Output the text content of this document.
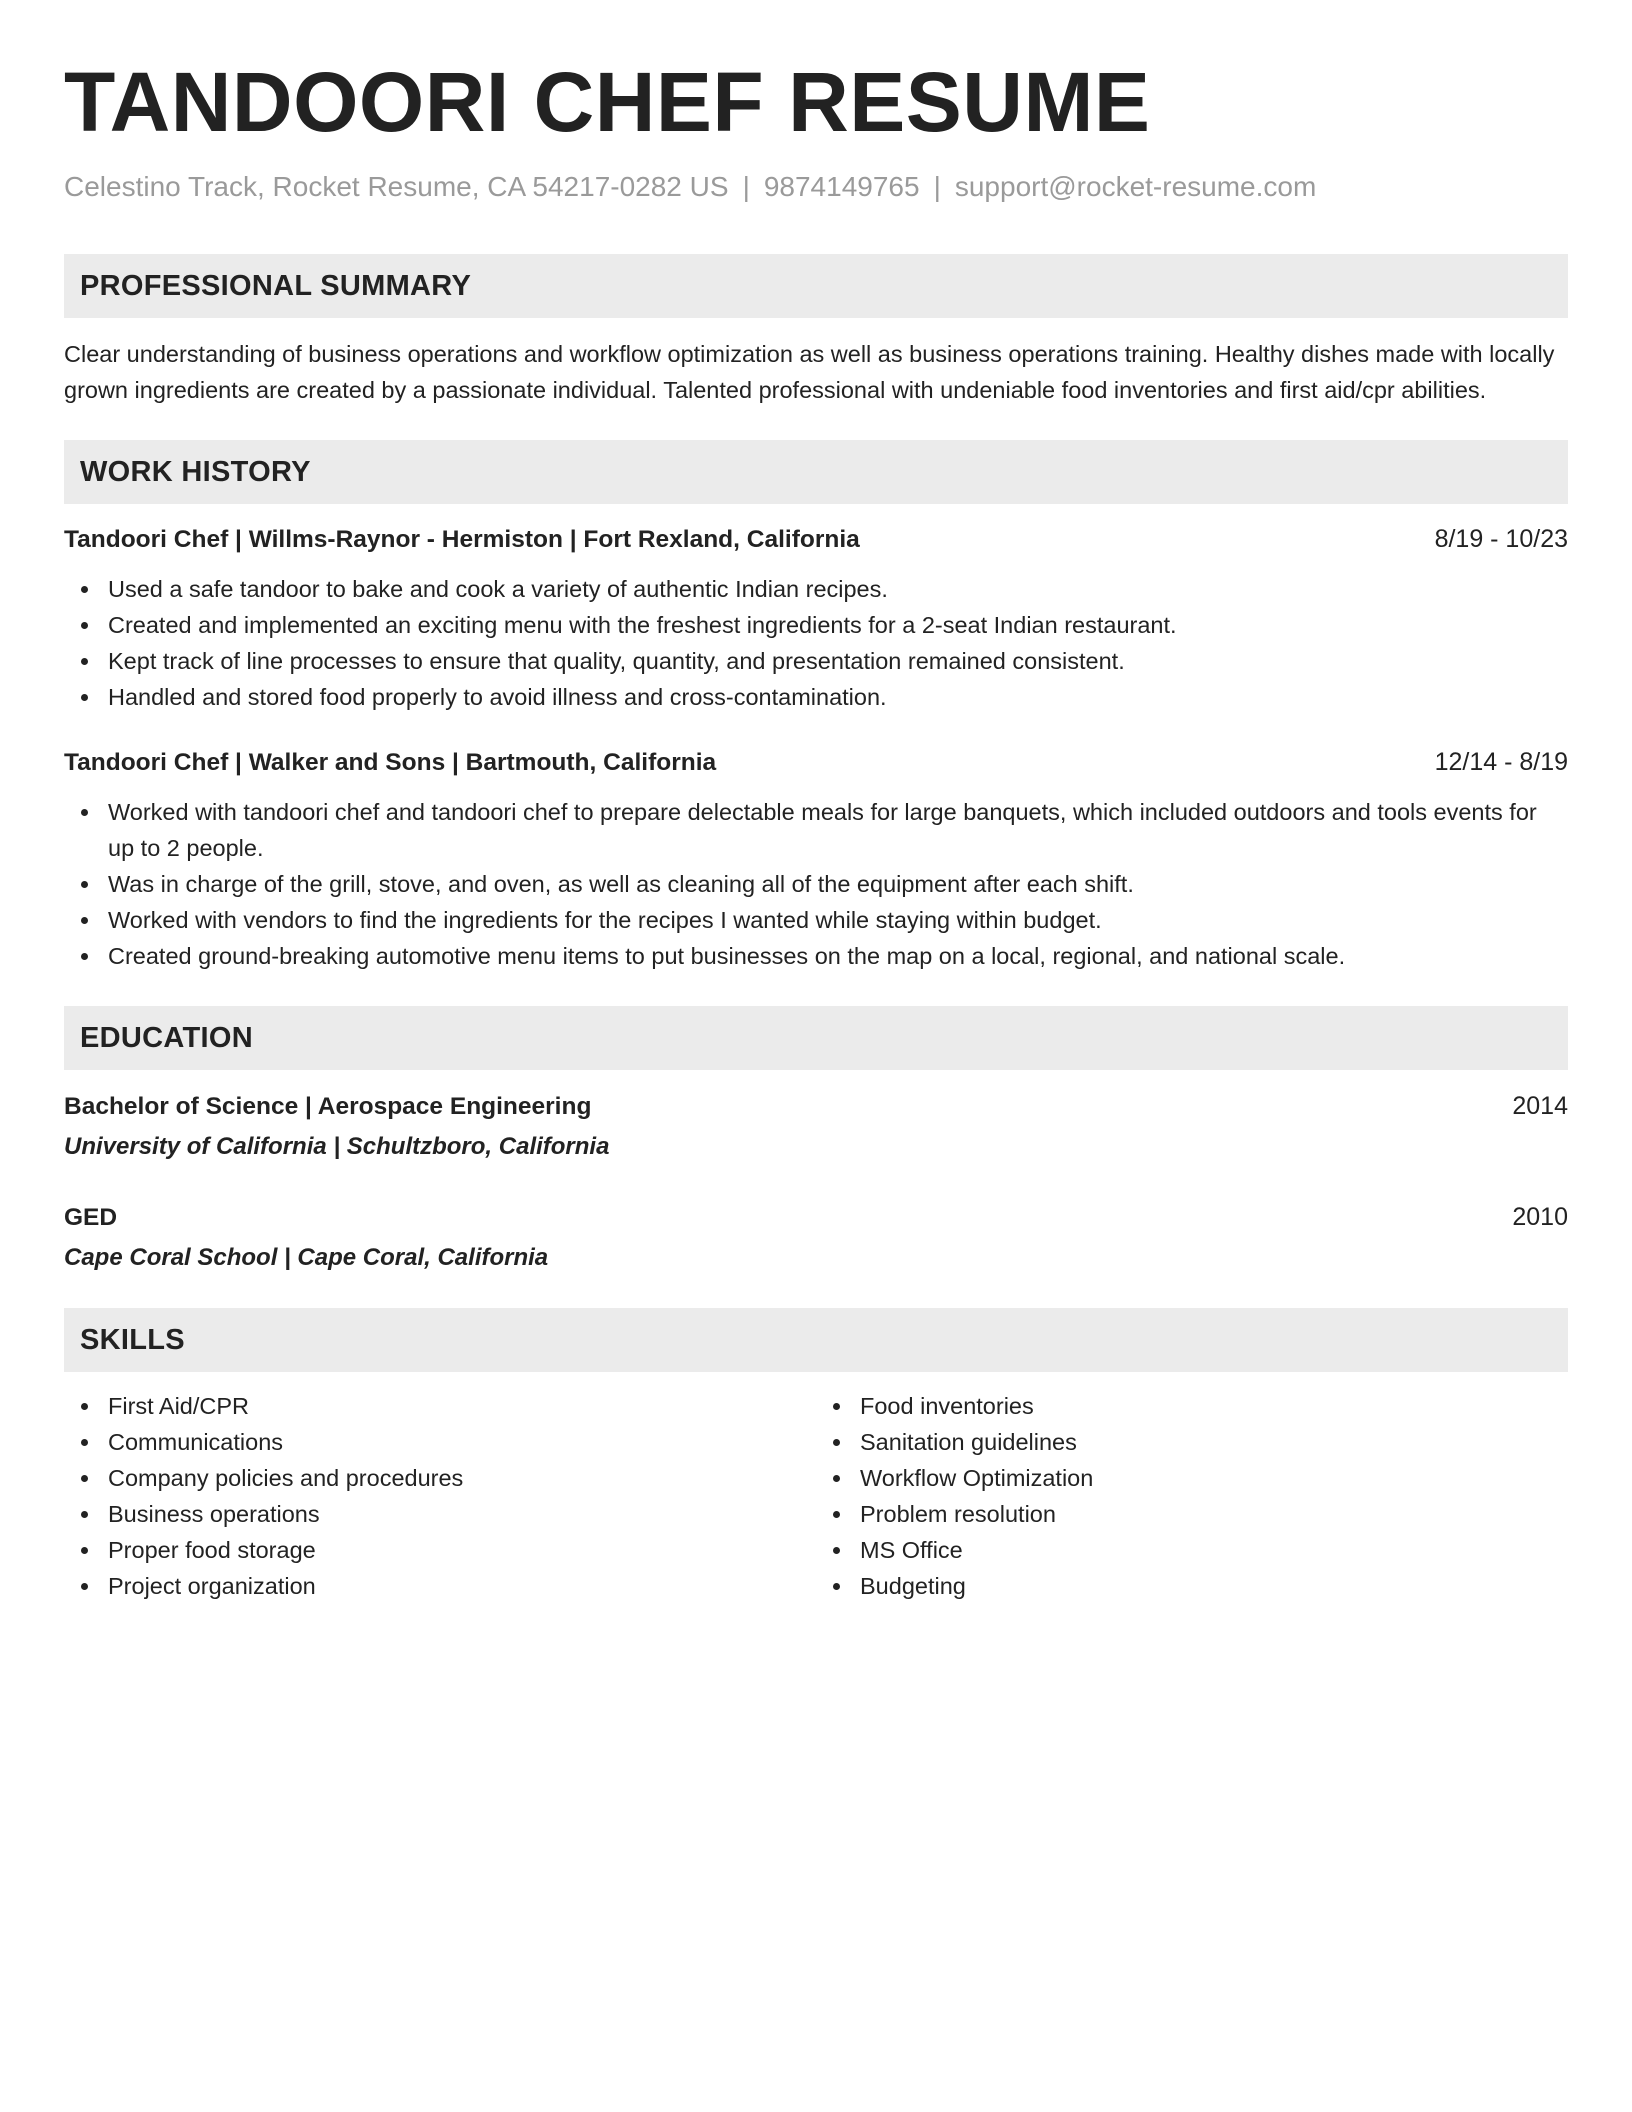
TANDOORI CHEF RESUME
Celestino Track, Rocket Resume, CA 54217-0282 US | 9874149765 | support@rocket-resume.com
PROFESSIONAL SUMMARY
Clear understanding of business operations and workflow optimization as well as business operations training. Healthy dishes made with locally grown ingredients are created by a passionate individual. Talented professional with undeniable food inventories and first aid/cpr abilities.
WORK HISTORY
Tandoori Chef | Willms-Raynor - Hermiston | Fort Rexland, California	8/19 - 10/23
Used a safe tandoor to bake and cook a variety of authentic Indian recipes.
Created and implemented an exciting menu with the freshest ingredients for a 2-seat Indian restaurant.
Kept track of line processes to ensure that quality, quantity, and presentation remained consistent.
Handled and stored food properly to avoid illness and cross-contamination.
Tandoori Chef | Walker and Sons | Bartmouth, California	12/14 - 8/19
Worked with tandoori chef and tandoori chef to prepare delectable meals for large banquets, which included outdoors and tools events for up to 2 people.
Was in charge of the grill, stove, and oven, as well as cleaning all of the equipment after each shift.
Worked with vendors to find the ingredients for the recipes I wanted while staying within budget.
Created ground-breaking automotive menu items to put businesses on the map on a local, regional, and national scale.
EDUCATION
Bachelor of Science | Aerospace Engineering	2014
University of California | Schultzboro, California
GED	2010
Cape Coral School | Cape Coral, California
SKILLS
First Aid/CPR
Communications
Company policies and procedures
Business operations
Proper food storage
Project organization
Food inventories
Sanitation guidelines
Workflow Optimization
Problem resolution
MS Office
Budgeting
